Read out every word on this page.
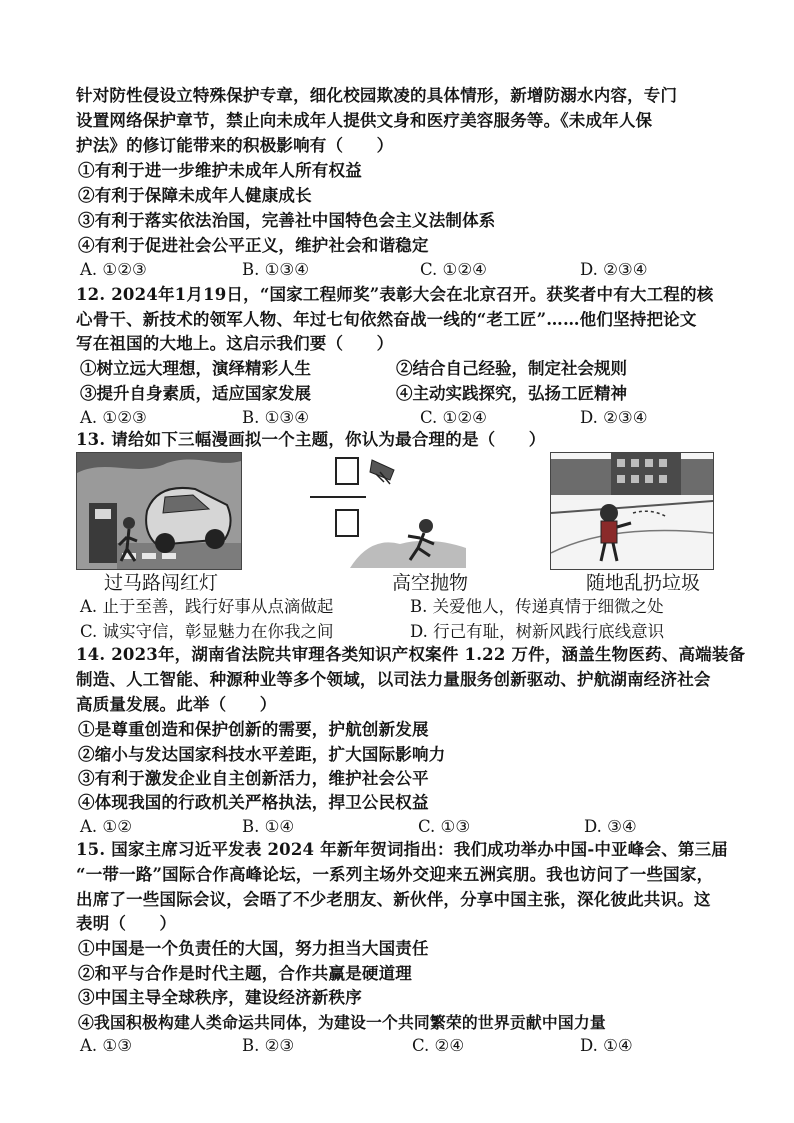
针对防性侵设立特殊保护专章，细化校园欺凌的具体情形，新增防溺水内容，专门
设置网络保护章节，禁止向未成年人提供文身和医疗美容服务等。《未成年人保
护法》的修订能带来的积极影响有（　　）
①有利于进一步维护未成年人所有权益
②有利于保障未成年人健康成长
③有利于落实依法治国，完善社中国特色会主义法制体系
④有利于促进社会公平正义，维护社会和谐稳定
A. ①②③	B. ①③④	C. ①②④	D. ②③④
12. 2024年1月19日，“国家工程师奖”表彰大会在北京召开。获奖者中有大工程的核
心骨干、新技术的领军人物、年过七旬依然奋战一线的“老工匠”……他们坚持把论文
写在祖国的大地上。这启示我们要（　　）
①树立远大理想，演绎精彩人生	②结合自己经验，制定社会规则
③提升自身素质，适应国家发展	④主动实践探究，弘扬工匠精神
A. ①②③	B. ①③④	C. ①②④	D. ②③④
13. 请给如下三幅漫画拟一个主题，你认为最合理的是（　　）
过马路闯红灯	高空抛物	随地乱扔垃圾
A. 止于至善，践行好事从点滴做起	B. 关爱他人，传递真情于细微之处
C. 诚实守信，彰显魅力在你我之间	D. 行己有耻，树新风践行底线意识
14. 2023年，湖南省法院共审理各类知识产权案件 1.22 万件，涵盖生物医药、高端装备
制造、人工智能、种源种业等多个领域，以司法力量服务创新驱动、护航湖南经济社会
高质量发展。此举（　　）
①是尊重创造和保护创新的需要，护航创新发展
②缩小与发达国家科技水平差距，扩大国际影响力
③有利于激发企业自主创新活力，维护社会公平
④体现我国的行政机关严格执法，捍卫公民权益
A. ①②	B. ①④	C. ①③	D. ③④
15. 国家主席习近平发表 2024 年新年贺词指出：我们成功举办中国-中亚峰会、第三届
“一带一路”国际合作高峰论坛，一系列主场外交迎来五洲宾朋。我也访问了一些国家，
出席了一些国际会议，会晤了不少老朋友、新伙伴，分享中国主张，深化彼此共识。这
表明（　　）
①中国是一个负责任的大国，努力担当大国责任
②和平与合作是时代主题，合作共赢是硬道理
③中国主导全球秩序，建设经济新秩序
④我国积极构建人类命运共同体，为建设一个共同繁荣的世界贡献中国力量
A. ①③	B. ②③	C. ②④	D. ①④
